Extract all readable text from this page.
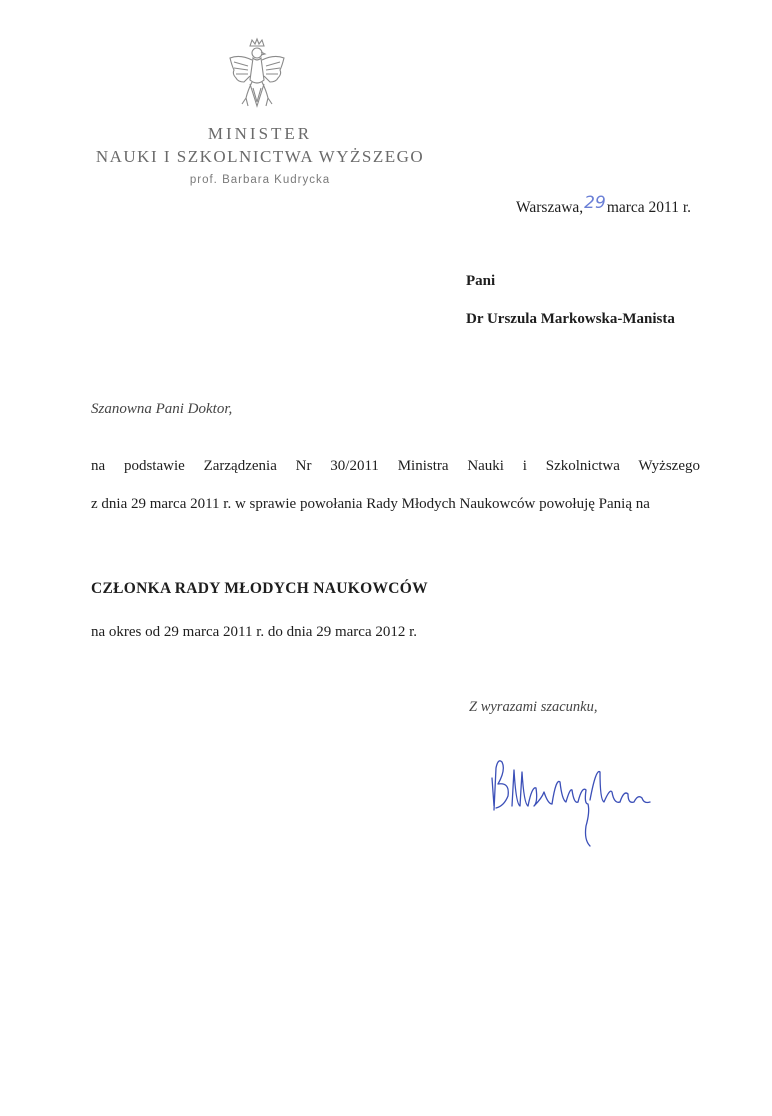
MINISTER
NAUKI I SZKOLNICTWA WYŻSZEGO
prof. Barbara Kudrycka
Warszawa,29marca 2011 r.
Pani
Dr Urszula Markowska-Manista
Szanowna Pani Doktor,
na podstawie Zarządzenia Nr 30/2011 Ministra Nauki i Szkolnictwa Wyższego
z dnia 29 marca 2011 r. w sprawie powołania Rady Młodych Naukowców powołuję Panią na
CZŁONKA RADY MŁODYCH NAUKOWCÓW
na okres od 29 marca 2011 r. do dnia 29 marca 2012 r.
Z wyrazami szacunku,
